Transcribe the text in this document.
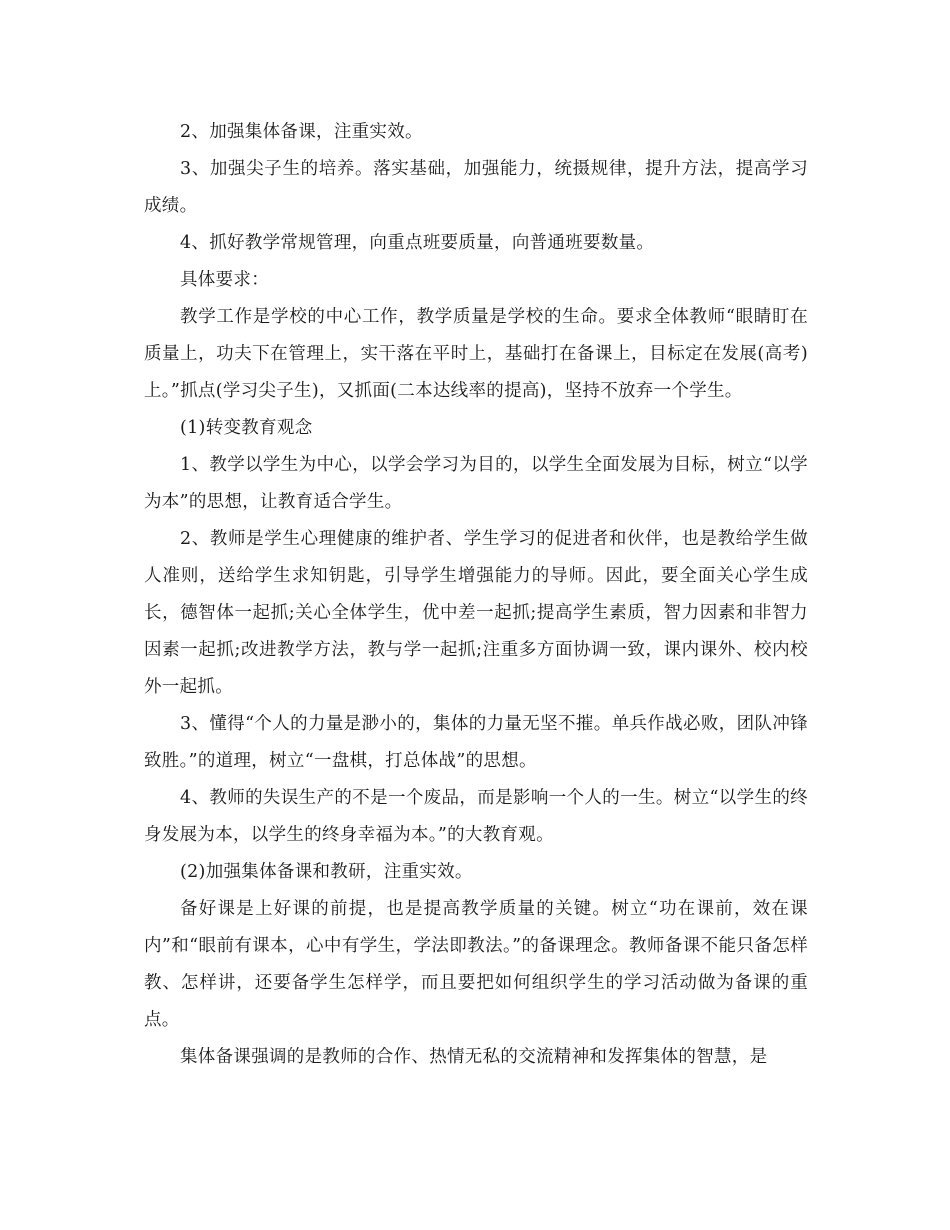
2、加强集体备课，注重实效。

3、加强尖子生的培养。落实基础，加强能力，统摄规律，提升方法，提高学习成绩。

4、抓好教学常规管理，向重点班要质量，向普通班要数量。

具体要求：

教学工作是学校的中心工作，教学质量是学校的生命。要求全体教师“眼睛盯在质量上，功夫下在管理上，实干落在平时上，基础打在备课上，目标定在发展(高考)上。”抓点(学习尖子生)，又抓面(二本达线率的提高)，坚持不放弃一个学生。

(1)转变教育观念

1、教学以学生为中心，以学会学习为目的，以学生全面发展为目标，树立“以学为本”的思想，让教育适合学生。

2、教师是学生心理健康的维护者、学生学习的促进者和伙伴，也是教给学生做人准则，送给学生求知钥匙，引导学生增强能力的导师。因此，要全面关心学生成长，德智体一起抓;关心全体学生，优中差一起抓;提高学生素质，智力因素和非智力因素一起抓;改进教学方法，教与学一起抓;注重多方面协调一致，课内课外、校内校外一起抓。

3、懂得“个人的力量是渺小的，集体的力量无坚不摧。单兵作战必败，团队冲锋致胜。”的道理，树立“一盘棋，打总体战”的思想。

4、教师的失误生产的不是一个废品，而是影响一个人的一生。树立“以学生的终身发展为本，以学生的终身幸福为本。”的大教育观。

(2)加强集体备课和教研，注重实效。

备好课是上好课的前提，也是提高教学质量的关键。树立“功在课前，效在课内”和“眼前有课本，心中有学生，学法即教法。”的备课理念。教师备课不能只备怎样教、怎样讲，还要备学生怎样学，而且要把如何组织学生的学习活动做为备课的重点。

集体备课强调的是教师的合作、热情无私的交流精神和发挥集体的智慧，是
